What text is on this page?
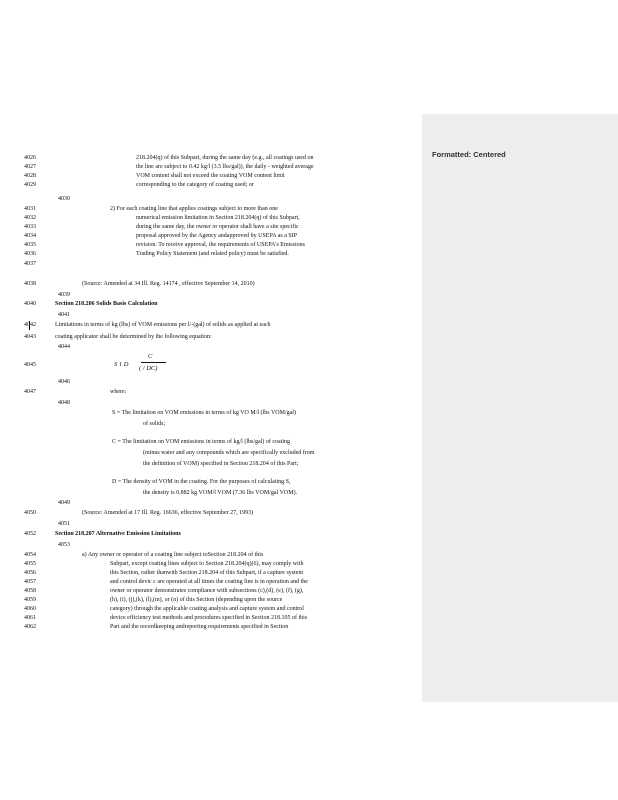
Formatted: Centered
S 1 D
C
( / DC)
4026	218.204(q) of this Subpart, during the same day (e.g., all coatings used on
4027	the line are subject to 0.42 kg/l (3.5 lbs/gal)), the daily - weighted average
4028	VOM content shall not exceed the coating VOM content limit
4029	corresponding to the category of coating used; or
4030
4031	2) For each coating line that applies coatings subject to more than one
4032	numerical emission limitation in Section 218.204(q) of this Subpart,
4033	during the same day, the owner or operator shall have a site specific
4034	proposal approved by the Agency andapproved by USEPA as a SIP
4035	revision. To receive approval, the requirements of USEPA's Emissions
4036	Trading Policy Statement (and related policy) must be satisfied.
4037
4038	(Source: Amended at 34 Ill. Reg. 14174 , effective September 14, 2010)
4039
4040	Section 218.206 Solids Basis Calculation
4041
4042	Limitations in terms of kg (lbs) of VOM emissions per l/-(gal) of solids as applied at each
4043	coating applicator shall be determined by the following equation:
4044
4045
4046
4047	where:
4048
S = The limitation on VOM emissions in terms of kg VO M/l (lbs VOM/gal)
of solids;
C = The limitation on VOM emissions in terms of kg/l (lbs/gal) of coating
(minus water and any compounds which are specifically excluded from
the definition of VOM) specified in Section 218.204 of this Part;
D = The density of VOM in the coating. For the purposes of calculating S,
the density is 0.882 kg VOM/l VOM (7.36 lbs VOM/gal VOM).
4049
4050	(Source: Amended at 17 Ill. Reg. 16636, effective September 27, 1993)
4051
4052	Section 218.207 Alternative Emission Limitations
4053
4054	a) Any owner or operator of a coating line subject toSection 218.204 of this
4055	Subpart, except coating lines subject to Section 218.204(q)(6), may comply with
4056	this Section, rather thanwith Section 218.204 of this Subpart, if a capture system
4057	and control devic c are operated at all times the coating line is in operation and the
4058	owner or operator demonstrates compliance with subsections (c),(d), (e), (f), (g),
4059	(h), (i), (j),(k), (l),(m), or (n) of this Section (depending upon the source
4060	category) through the applicable coating analysis and capture system and control
4061	device efficiency test methods and procedures specified in Section 218.105 of this
4062	Part and the recordkeeping andreporting requirements specified in Section
